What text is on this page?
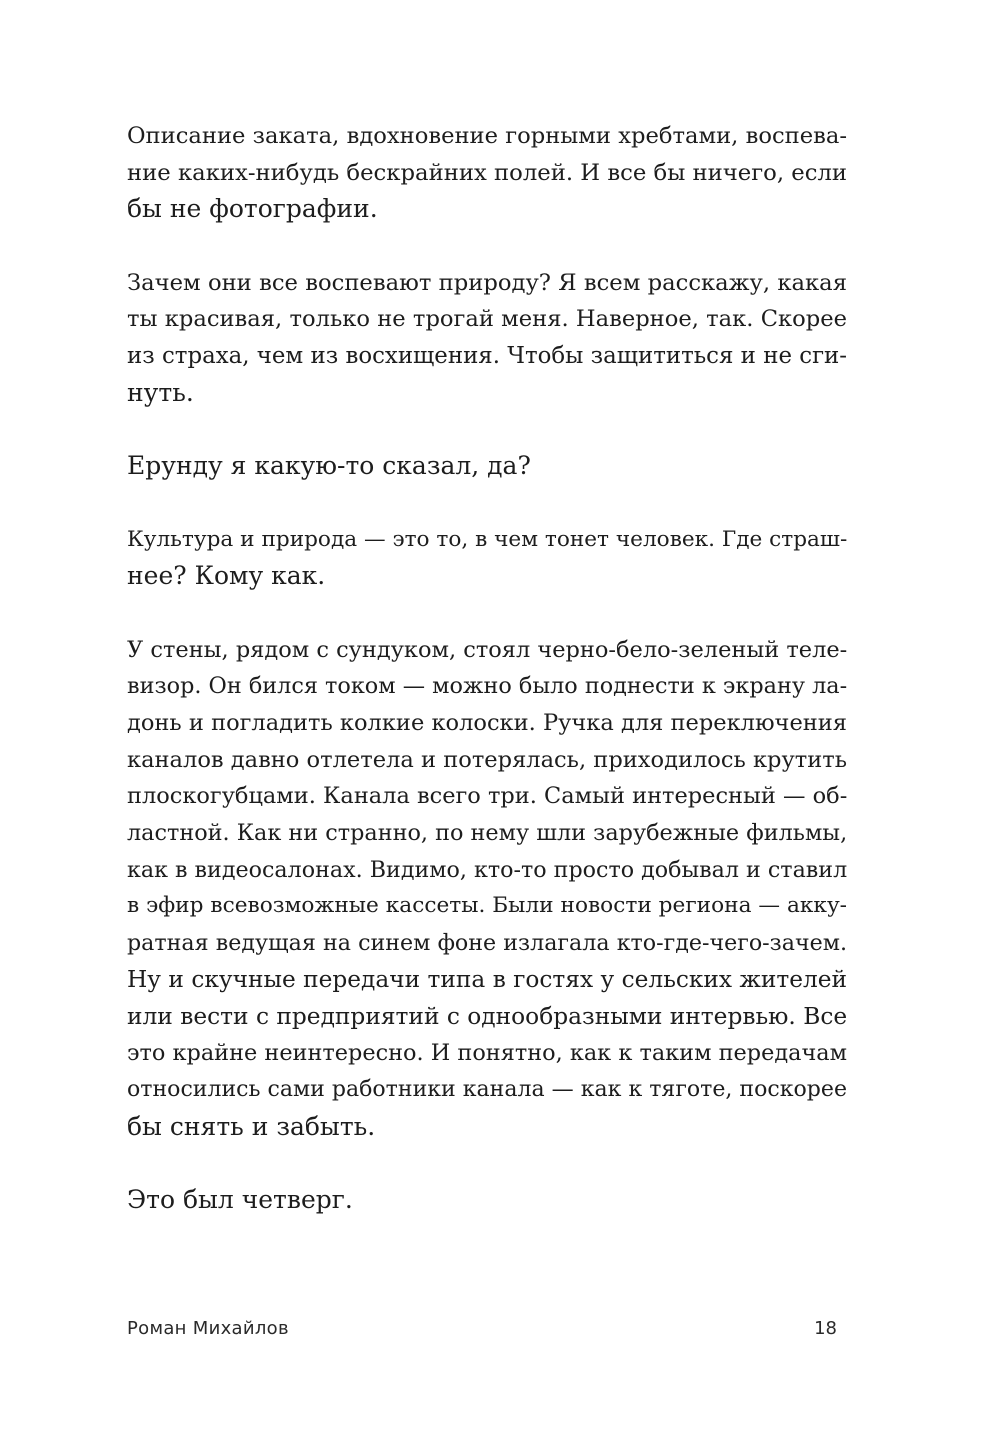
Описание заката, вдохновение горными хребтами, воспева-
ние каких-нибудь бескрайних полей. И все бы ничего, если
бы не фотографии.
Зачем они все воспевают природу? Я всем расскажу, какая
ты красивая, только не трогай меня. Наверное, так. Скорее
из страха, чем из восхищения. Чтобы защититься и не сги-
нуть.
Ерунду я какую-то сказал, да?
Культура и природа — это то, в чем тонет человек. Где страш-
нее? Кому как.
У стены, рядом с сундуком, стоял черно-бело-зеленый теле-
визор. Он бился током — можно было поднести к экрану ла-
донь и погладить колкие колоски. Ручка для переключения
каналов давно отлетела и потерялась, приходилось крутить
плоскогубцами. Канала всего три. Самый интересный — об-
ластной. Как ни странно, по нему шли зарубежные фильмы,
как в видеосалонах. Видимо, кто-то просто добывал и ставил
в эфир всевозможные кассеты. Были новости региона — акку-
ратная ведущая на синем фоне излагала кто-где-чего-зачем.
Ну и скучные передачи типа в гостях у сельских жителей
или вести с предприятий с однообразными интервью. Все
это крайне неинтересно. И понятно, как к таким передачам
относились сами работники канала — как к тяготе, поскорее
бы снять и забыть.
Это был четверг.
Роман Михайлов	18
